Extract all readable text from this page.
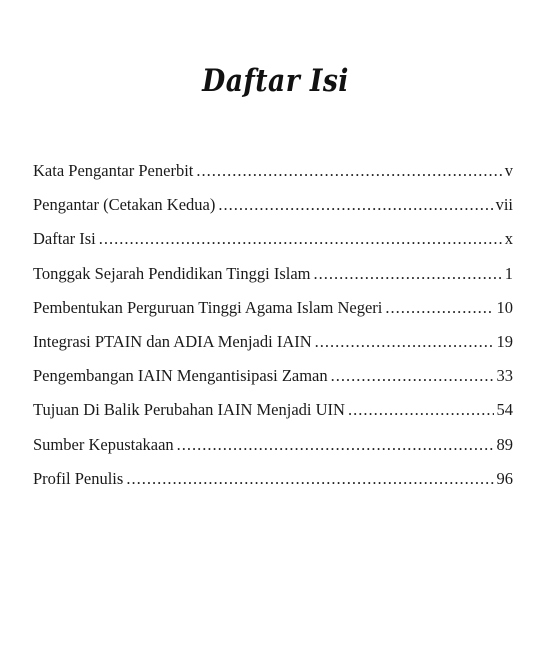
Daftar Isi
Kata Pengantar Penerbit .....	v
Pengantar (Cetakan Kedua) .....	vii
Daftar Isi .....	x
Tonggak Sejarah Pendidikan Tinggi Islam .....	1
Pembentukan Perguruan Tinggi Agama Islam Negeri .....	10
Integrasi PTAIN dan ADIA Menjadi IAIN .....	19
Pengembangan IAIN Mengantisipasi Zaman .....	33
Tujuan Di Balik Perubahan IAIN Menjadi UIN .....	54
Sumber Kepustakaan .....	89
Profil Penulis .....	96
